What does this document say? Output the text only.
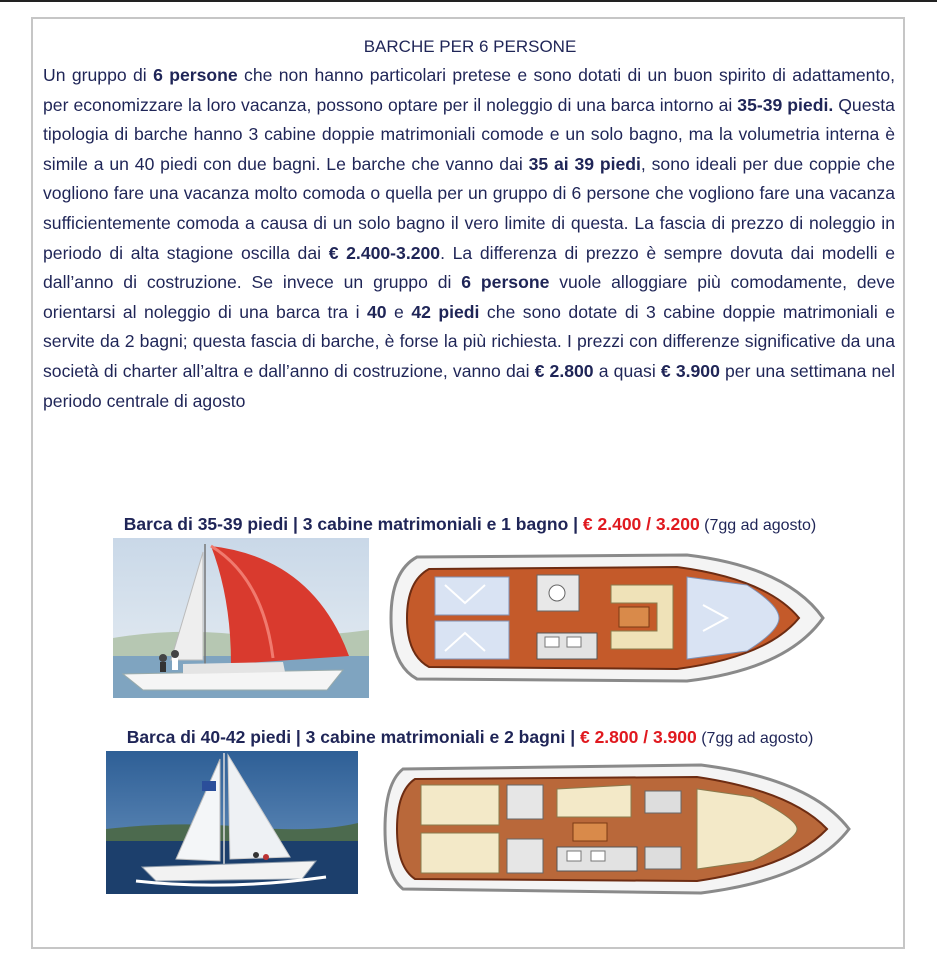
BARCHE PER 6 PERSONE

Un gruppo di 6 persone che non hanno particolari pretese e sono dotati di un buon spirito di adattamento, per economizzare la loro vacanza, possono optare per il noleggio di una barca intorno ai 35-39 piedi. Questa tipologia di barche hanno 3 cabine doppie matrimoniali comode e un solo bagno, ma la volumetria interna è simile a un 40 piedi con due bagni. Le barche che vanno dai 35 ai 39 piedi, sono ideali per due coppie che vogliono fare una vacanza molto comoda o quella per un gruppo di 6 persone che vogliono fare una vacanza sufficientemente comoda a causa di un solo bagno il vero limite di questa. La fascia di prezzo di noleggio in periodo di alta stagione oscilla dai € 2.400-3.200. La differenza di prezzo è sempre dovuta dai modelli e dall’anno di costruzione. Se invece un gruppo di 6 persone vuole alloggiare più comodamente, deve orientarsi al noleggio di una barca tra i 40 e 42 piedi che sono dotate di 3 cabine doppie matrimoniali e servite da 2 bagni; questa fascia di barche, è forse la più richiesta. I prezzi con differenze significative da una società di charter all’altra e dall’anno di costruzione, vanno dai € 2.800 a quasi € 3.900 per una settimana nel periodo centrale di agosto

Barca di 35-39 piedi | 3 cabine matrimoniali e 1 bagno | € 2.400 / 3.200 (7gg ad agosto)
Barca di 40-42 piedi | 3 cabine matrimoniali e 2 bagni | € 2.800 / 3.900 (7gg ad agosto)
